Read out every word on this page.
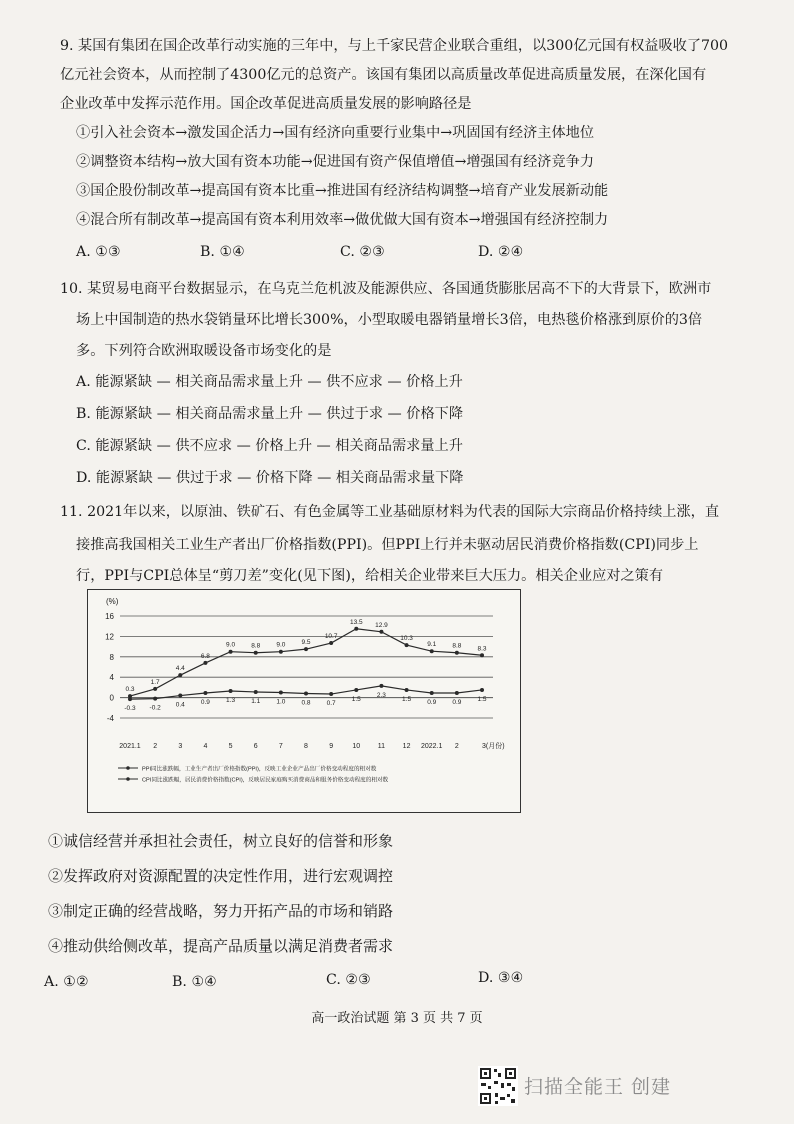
9. 某国有集团在国企改革行动实施的三年中，与上千家民营企业联合重组，以300亿元国有权益吸收了700
亿元社会资本，从而控制了4300亿元的总资产。该国有集团以高质量改革促进高质量发展，在深化国有
企业改革中发挥示范作用。国企改革促进高质量发展的影响路径是
①引入社会资本→激发国企活力→国有经济向重要行业集中→巩固国有经济主体地位
②调整资本结构→放大国有资本功能→促进国有资产保值增值→增强国有经济竞争力
③国企股份制改革→提高国有资本比重→推进国有经济结构调整→培育产业发展新动能
④混合所有制改革→提高国有资本利用效率→做优做大国有资本→增强国有经济控制力
A. ①③	B. ①④	C. ②③	D. ②④
10. 某贸易电商平台数据显示，在乌克兰危机波及能源供应、各国通货膨胀居高不下的大背景下，欧洲市
场上中国制造的热水袋销量环比增长300%，小型取暖电器销量增长3倍，电热毯价格涨到原价的3倍
多。下列符合欧洲取暖设备市场变化的是
A. 能源紧缺 — 相关商品需求量上升 — 供不应求 — 价格上升
B. 能源紧缺 — 相关商品需求量上升 — 供过于求 — 价格下降
C. 能源紧缺 — 供不应求 — 价格上升 — 相关商品需求量上升
D. 能源紧缺 — 供过于求 — 价格下降 — 相关商品需求量下降
11. 2021年以来，以原油、铁矿石、有色金属等工业基础原材料为代表的国际大宗商品价格持续上涨，直
接推高我国相关工业生产者出厂价格指数(PPI)。但PPI上行并未驱动居民消费价格指数(CPI)同步上
行，PPI与CPI总体呈“剪刀差”变化(见下图)，给相关企业带来巨大压力。相关企业应对之策有
(%)
16
12
8
4
0
-4
2021.1 2	3	4	5	6	7	8	9	10	11	12 2022.1 2	3(月份)
0.3
1.7
4.4
6.8
9.0 8.8 9.0 9.5
10.7
13.5 12.9
10.3
9.1 8.8 8.3
-0.3 -0.2 0.4 0.9 1.3 1.1 1.0 0.8 0.7
1.5
2.3
1.5 0.9 0.9 1.5
PPI同比涨跌幅，工业生产者出厂价格指数(PPI)，反映工业企业产品出厂价格变动程度的相对数
CPI同比涨跌幅，居民消费价格指数(CPI)，反映居民家庭购买消费商品和服务价格变动程度的相对数
①诚信经营并承担社会责任，树立良好的信誉和形象
②发挥政府对资源配置的决定性作用，进行宏观调控
③制定正确的经营战略，努力开拓产品的市场和销路
④推动供给侧改革，提高产品质量以满足消费者需求
A. ①②	B. ①④	C. ②③	D. ③④
高一政治试题 第 3 页 共 7 页
扫描全能王 创建
